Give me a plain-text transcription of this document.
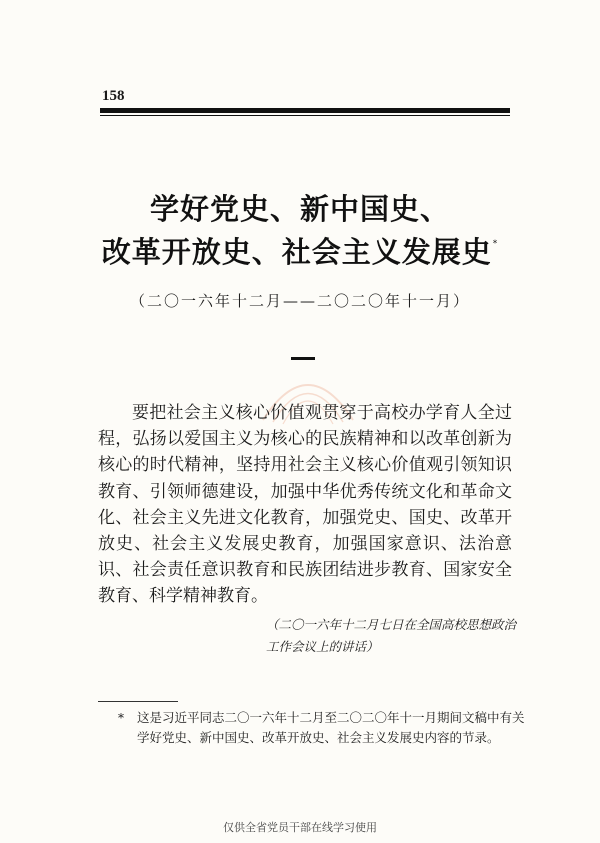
158
学好党史、新中国史、
改革开放史、社会主义发展史*
（二〇一六年十二月——二〇二〇年十一月）
要把社会主义核心价值观贯穿于高校办学育人全过程，弘扬以爱国主义为核心的民族精神和以改革创新为核心的时代精神，坚持用社会主义核心价值观引领知识教育、引领师德建设，加强中华优秀传统文化和革命文化、社会主义先进文化教育，加强党史、国史、改革开放史、社会主义发展史教育，加强国家意识、法治意识、社会责任意识教育和民族团结进步教育、国家安全教育、科学精神教育。
（二〇一六年十二月七日在全国高校思想政治工作会议上的讲话）
* 这是习近平同志二〇一六年十二月至二〇二〇年十一月期间文稿中有关学好党史、新中国史、改革开放史、社会主义发展史内容的节录。
仅供全省党员干部在线学习使用
